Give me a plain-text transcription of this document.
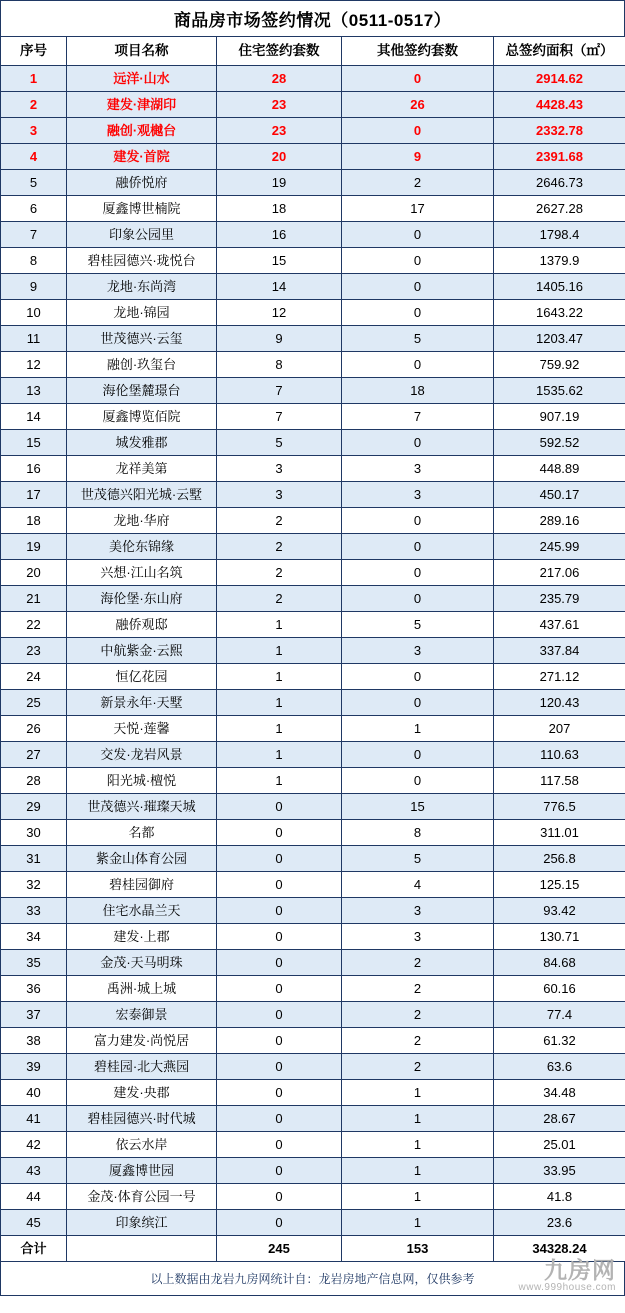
商品房市场签约情况（0511-0517）
序号	项目名称	住宅签约套数	其他签约套数	总签约面积（㎡）
1	远洋·山水	28	0	2914.62
2	建发·津湖印	23	26	4428.43
3	融创·观樾台	23	0	2332.78
4	建发·首院	20	9	2391.68
5	融侨悦府	19	2	2646.73
6	厦鑫博世楠院	18	17	2627.28
7	印象公园里	16	0	1798.4
8	碧桂园德兴·珑悦台	15	0	1379.9
9	龙地·东尚湾	14	0	1405.16
10	龙地·锦园	12	0	1643.22
11	世茂德兴·云玺	9	5	1203.47
12	融创·玖玺台	8	0	759.92
13	海伦堡麓璟台	7	18	1535.62
14	厦鑫博览佰院	7	7	907.19
15	城发雅郡	5	0	592.52
16	龙祥美第	3	3	448.89
17	世茂德兴阳光城·云墅	3	3	450.17
18	龙地·华府	2	0	289.16
19	美伦东锦缘	2	0	245.99
20	兴想·江山名筑	2	0	217.06
21	海伦堡·东山府	2	0	235.79
22	融侨观邸	1	5	437.61
23	中航紫金·云熙	1	3	337.84
24	恒亿花园	1	0	271.12
25	新景永年·天墅	1	0	120.43
26	天悦·莲馨	1	1	207
27	交发·龙岩风景	1	0	110.63
28	阳光城·檀悦	1	0	117.58
29	世茂德兴·璀璨天城	0	15	776.5
30	名都	0	8	311.01
31	紫金山体育公园	0	5	256.8
32	碧桂园御府	0	4	125.15
33	住宅水晶兰天	0	3	93.42
34	建发·上郡	0	3	130.71
35	金茂·天马明珠	0	2	84.68
36	禹洲·城上城	0	2	60.16
37	宏泰御景	0	2	77.4
38	富力建发·尚悦居	0	2	61.32
39	碧桂园·北大燕园	0	2	63.6
40	建发·央郡	0	1	34.48
41	碧桂园德兴·时代城	0	1	28.67
42	依云水岸	0	1	25.01
43	厦鑫博世园	0	1	33.95
44	金茂·体育公园一号	0	1	41.8
45	印象缤江	0	1	23.6
合计		245	153	34328.24
以上数据由龙岩九房网统计自：龙岩房地产信息网，仅供参考	九房网
www.999house.com
